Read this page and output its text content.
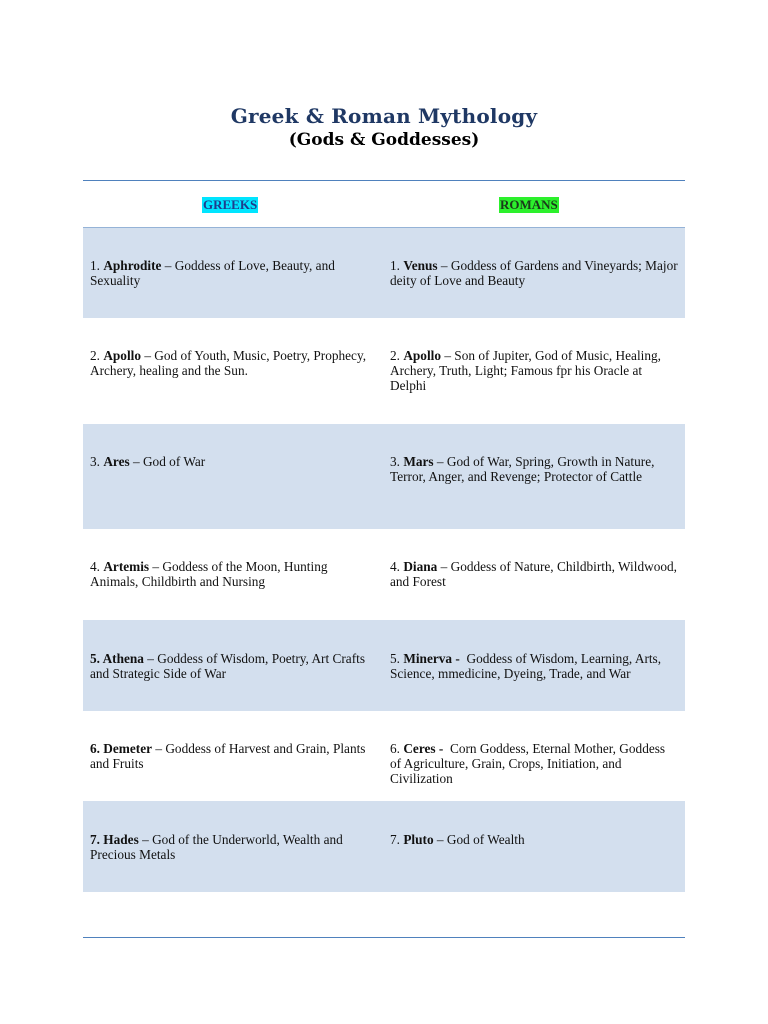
Greek & Roman Mythology
(Gods & Goddesses)
GREEKS	ROMANS
1. Aphrodite – Goddess of Love, Beauty, and Sexuality
1. Venus – Goddess of Gardens and Vineyards; Major deity of Love and Beauty
2. Apollo – God of Youth, Music, Poetry, Prophecy, Archery, healing and the Sun.
2. Apollo – Son of Jupiter, God of Music, Healing, Archery, Truth, Light; Famous fpr his Oracle at Delphi
3. Ares – God of War	3. Mars – God of War, Spring, Growth in Nature, Terror, Anger, and Revenge; Protector of Cattle
4. Artemis – Goddess of the Moon, Hunting Animals, Childbirth and Nursing
4. Diana – Goddess of Nature, Childbirth, Wildwood, and Forest
5. Athena – Goddess of Wisdom, Poetry, Art Crafts and Strategic Side of War
5. Minerva - Goddess of Wisdom, Learning, Arts, Science, mmedicine, Dyeing, Trade, and War
6. Demeter – Goddess of Harvest and Grain, Plants and Fruits
6. Ceres - Corn Goddess, Eternal Mother, Goddess of Agriculture, Grain, Crops, Initiation, and Civilization
7. Hades – God of the Underworld, Wealth and Precious Metals
7. Pluto – God of Wealth
